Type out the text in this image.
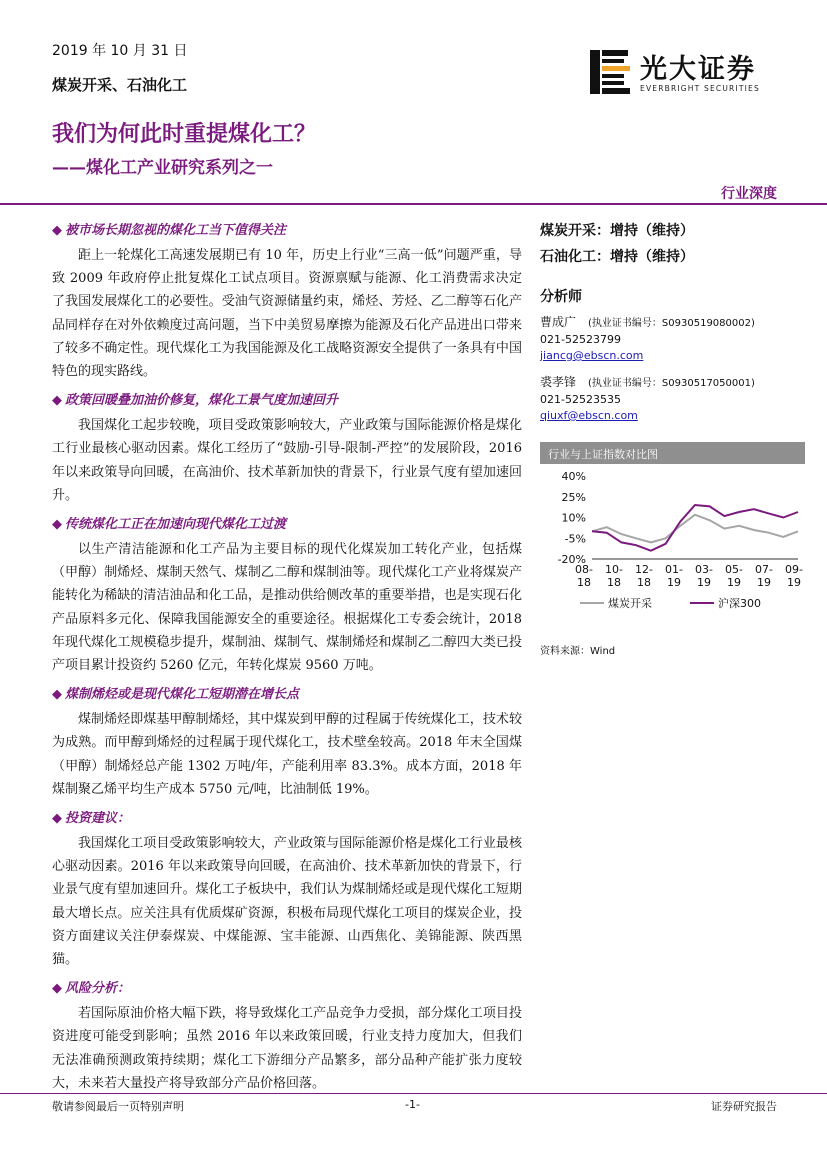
2019 年 10 月 31 日
煤炭开采、石油化工	光大证券
EVERBRIGHT SECURITIES
我们为何此时重提煤化工？
——煤化工产业研究系列之一
行业深度
◆ 被市场长期忽视的煤化工当下值得关注

距上一轮煤化工高速发展期已有 10 年，历史上行业“三高一低”问题严重，导致 2009 年政府停止批复煤化工试点项目。资源禀赋与能源、化工消费需求决定了我国发展煤化工的必要性。受油气资源储量约束，烯烃、芳烃、乙二醇等石化产品同样存在对外依赖度过高问题，当下中美贸易摩擦为能源及石化产品进出口带来了较多不确定性。现代煤化工为我国能源及化工战略资源安全提供了一条具有中国特色的现实路线。

◆ 政策回暖叠加油价修复，煤化工景气度加速回升

我国煤化工起步较晚，项目受政策影响较大，产业政策与国际能源价格是煤化工行业最核心驱动因素。煤化工经历了“鼓励-引导-限制-严控”的发展阶段，2016 年以来政策导向回暖，在高油价、技术革新加快的背景下，行业景气度有望加速回升。

◆ 传统煤化工正在加速向现代煤化工过渡

以生产清洁能源和化工产品为主要目标的现代化煤炭加工转化产业，包括煤（甲醇）制烯烃、煤制天然气、煤制乙二醇和煤制油等。现代煤化工产业将煤炭产能转化为稀缺的清洁油品和化工品，是推动供给侧改革的重要举措，也是实现石化产品原料多元化、保障我国能源安全的重要途径。根据煤化工专委会统计，2018 年现代煤化工规模稳步提升，煤制油、煤制气、煤制烯烃和煤制乙二醇四大类已投产项目累计投资约 5260 亿元，年转化煤炭 9560 万吨。

◆ 煤制烯烃或是现代煤化工短期潜在增长点

煤制烯烃即煤基甲醇制烯烃，其中煤炭到甲醇的过程属于传统煤化工，技术较为成熟。而甲醇到烯烃的过程属于现代煤化工，技术壁垒较高。2018 年末全国煤（甲醇）制烯烃总产能 1302 万吨/年，产能利用率 83.3%。成本方面，2018 年煤制聚乙烯平均生产成本 5750 元/吨，比油制低 19%。

◆ 投资建议：

我国煤化工项目受政策影响较大，产业政策与国际能源价格是煤化工行业最核心驱动因素。2016 年以来政策导向回暖，在高油价、技术革新加快的背景下，行业景气度有望加速回升。煤化工子板块中，我们认为煤制烯烃或是现代煤化工短期最大增长点。应关注具有优质煤矿资源，积极布局现代煤化工项目的煤炭企业，投资方面建议关注伊泰煤炭、中煤能源、宝丰能源、山西焦化、美锦能源、陕西黑猫。

◆ 风险分析：

若国际原油价格大幅下跌，将导致煤化工产品竞争力受损，部分煤化工项目投资进度可能受到影响；虽然 2016 年以来政策回暖，行业支持力度加大，但我们无法准确预测政策持续期；煤化工下游细分产品繁多，部分品种产能扩张力度较大，未来若大量投产将导致部分产品价格回落。

煤炭开采：增持（维持）
石油化工：增持（维持）
分析师
曹成广 (执业证书编号：S0930519080002)
021-52523799
jiancg@ebscn.com
裘孝锋 (执业证书编号：S0930517050001)
021-52523535
qiuxf@ebscn.com
行业与上证指数对比图
40%
25%
10%
-5%
-20%
08-18
10-18
12-18
01-19
03-19
05-19
07-19
09-19
煤炭开采	沪深300
资料来源：Wind
敬请参阅最后一页特别声明	-1-	证券研究报告
